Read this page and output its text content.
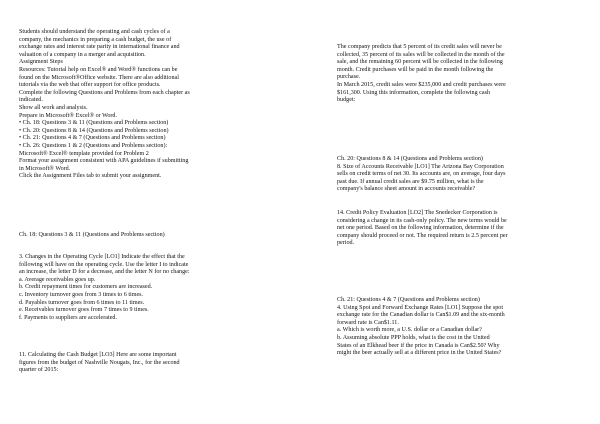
Students should understand the operating and cash cycles of a
company, the mechanics in preparing a cash budget, the use of
exchange rates and interest rate parity in international finance and
valuation of a company in a merger and acquisition.
Assignment Steps
Resources: Tutorial help on Excel® and Word® functions can be
found on the Microsoft®Office website. There are also additional
tutorials via the web that offer support for office products.
Complete the following Questions and Problems from each chapter as
indicated.
Show all work and analysis.
Prepare in Microsoft® Excel® or Word.
• Ch. 18: Questions 3 & 11 (Questions and Problems section)
• Ch. 20: Questions 8 & 14 (Questions and Problems section)
• Ch. 21: Questions 4 & 7 (Questions and Problems section)
• Ch. 26: Questions 1 & 2 (Questions and Problems section):
Microsoft® Excel® template provided for Problem 2
Format your assignment consistent with APA guidelines if submitting
in Microsoft® Word.
Click the Assignment Files tab to submit your assignment.
Ch. 18: Questions 3 & 11 (Questions and Problems section)
3. Changes in the Operating Cycle [LO1] Indicate the effect that the
following will have on the operating cycle. Use the letter I to indicate
an increase, the letter D for a decrease, and the letter N for no change:
a. Average receivables goes up.
b. Credit repayment times for customers are increased.
c. Inventory turnover goes from 3 times to 6 times.
d. Payables turnover goes from 6 times to 11 times.
e. Receivables turnover goes from 7 times to 9 times.
f. Payments to suppliers are accelerated.
11. Calculating the Cash Budget [LO3] Here are some important
figures from the budget of Nashville Nougats, Inc., for the second
quarter of 2015:
The company predicts that 5 percent of its credit sales will never be
collected, 35 percent of its sales will be collected in the month of the
sale, and the remaining 60 percent will be collected in the following
month. Credit purchases will be paid in the month following the
purchase.
In March 2015, credit sales were $235,000 and credit purchases were
$161,300. Using this information, complete the following cash
budget:
Ch. 20: Questions 8 & 14 (Questions and Problems section)
8. Size of Accounts Receivable [LO1] The Arizona Bay Corporation
sells on credit terms of net 30. Its accounts are, on average, four days
past due. If annual credit sales are $9.75 million, what is the
company's balance sheet amount in accounts receivable?
14. Credit Policy Evaluation [LO2] The Snedecker Corporation is
considering a change in its cash-only policy. The new terms would be
net one period. Based on the following information, determine if the
company should proceed or not. The required return is 2.5 percent per
period.
Ch. 21: Questions 4 & 7 (Questions and Problems section)
4. Using Spot and Forward Exchange Rates [LO1] Suppose the spot
exchange rate for the Canadian dollar is Can$1.09 and the six-month
forward rate is Can$1.11.
a. Which is worth more, a U.S. dollar or a Canadian dollar?
b. Assuming absolute PPP holds, what is the cost in the United
States of an Elkhead beer if the price in Canada is Can$2.50? Why
might the beer actually sell at a different price in the United States?
